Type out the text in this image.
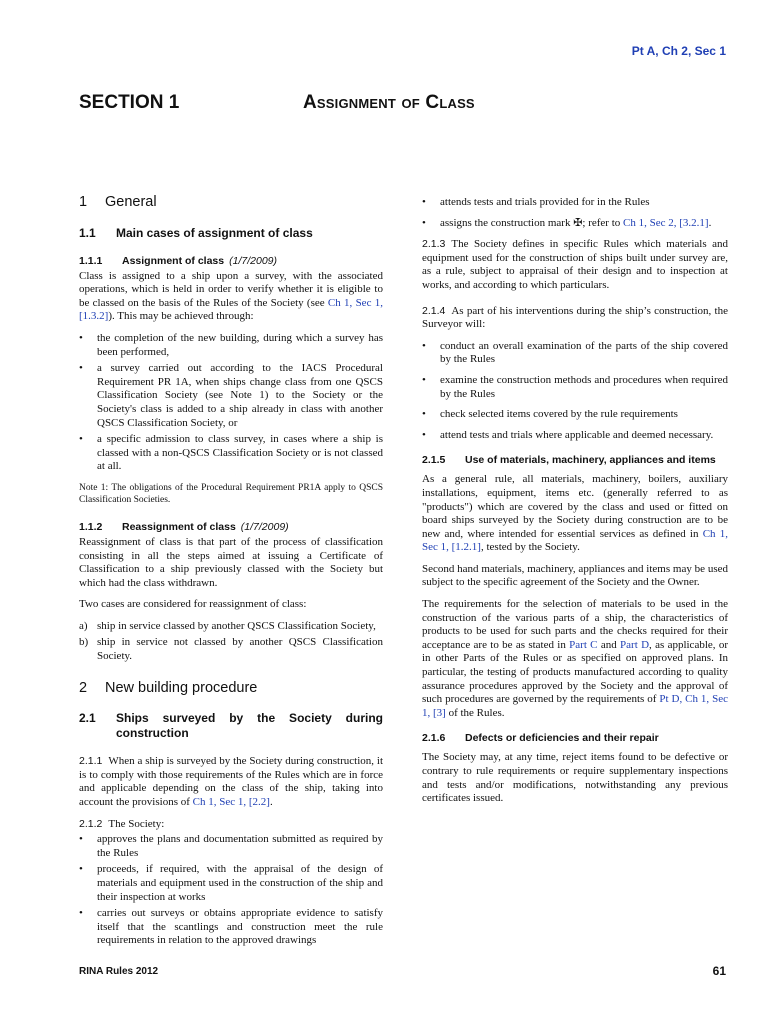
Pt A, Ch 2, Sec 1
SECTION 1	Assignment of Class
1 General
1.1	Main cases of assignment of class
1.1.1	Assignment of class (1/7/2009)

Class is assigned to a ship upon a survey, with the associated operations, which is held in order to verify whether it is eligible to be classed on the basis of the Rules of the Society (see Ch 1, Sec 1, [1.3.2]). This may be achieved through:

• the completion of the new building, during which a survey has been performed,
• a survey carried out according to the IACS Procedural Requirement PR 1A, when ships change class from one QSCS Classification Society (see Note 1) to the Society or the Society's class is added to a ship already in class with another QSCS Classification Society, or
• a specific admission to class survey, in cases where a ship is classed with a non-QSCS Classification Society or is not classed at all.
Note 1: The obligations of the Procedural Requirement PR1A apply to QSCS Classification Societies.
1.1.2	Reassignment of class (1/7/2009)

Reassignment of class is that part of the process of classification consisting in all the steps aimed at issuing a Certificate of Classification to a ship previously classed with the Society but which had the class withdrawn.

Two cases are considered for reassignment of class:

a) ship in service classed by another QSCS Classification Society,
b) ship in service not classed by another QSCS Classification Society.
2 New building procedure
2.1	Ships surveyed by the Society during construction

2.1.1 When a ship is surveyed by the Society during construction, it is to comply with those requirements of the Rules which are in force and applicable depending on the class of the ship, taking into account the provisions of Ch 1, Sec 1, [2.2].

2.1.2 The Society:

• approves the plans and documentation submitted as required by the Rules
• proceeds, if required, with the appraisal of the design of materials and equipment used in the construction of the ship and their inspection at works
• carries out surveys or obtains appropriate evidence to satisfy itself that the scantlings and construction meet the rule requirements in relation to the approved drawings
• attends tests and trials provided for in the Rules
• assigns the construction mark ✠; refer to Ch 1, Sec 2, [3.2.1].

2.1.3 The Society defines in specific Rules which materials and equipment used for the construction of ships built under survey are, as a rule, subject to appraisal of their design and to inspection at works, and according to which particulars.

2.1.4 As part of his interventions during the ship’s construction, the Surveyor will:

• conduct an overall examination of the parts of the ship covered by the Rules
• examine the construction methods and procedures when required by the Rules
• check selected items covered by the rule requirements
• attend tests and trials where applicable and deemed necessary.
2.1.5	Use of materials, machinery, appliances and items

As a general rule, all materials, machinery, boilers, auxiliary installations, equipment, items etc. (generally referred to as "products") which are covered by the class and used or fitted on board ships surveyed by the Society during construction are to be new and, where intended for essential services as defined in Ch 1, Sec 1, [1.2.1], tested by the Society.

Second hand materials, machinery, appliances and items may be used subject to the specific agreement of the Society and the Owner.

The requirements for the selection of materials to be used in the construction of the various parts of a ship, the characteristics of products to be used for such parts and the checks required for their acceptance are to be as stated in Part C and Part D, as applicable, or in other Parts of the Rules or as specified on approved plans. In particular, the testing of products manufactured according to quality assurance procedures approved by the Society and the approval of such procedures are governed by the requirements of Pt D, Ch 1, Sec 1, [3] of the Rules.

2.1.6	Defects or deficiencies and their repair

The Society may, at any time, reject items found to be defective or contrary to rule requirements or require supplementary inspections and tests and/or modifications, notwithstanding any previous certificates issued.

RINA Rules 2012	61
